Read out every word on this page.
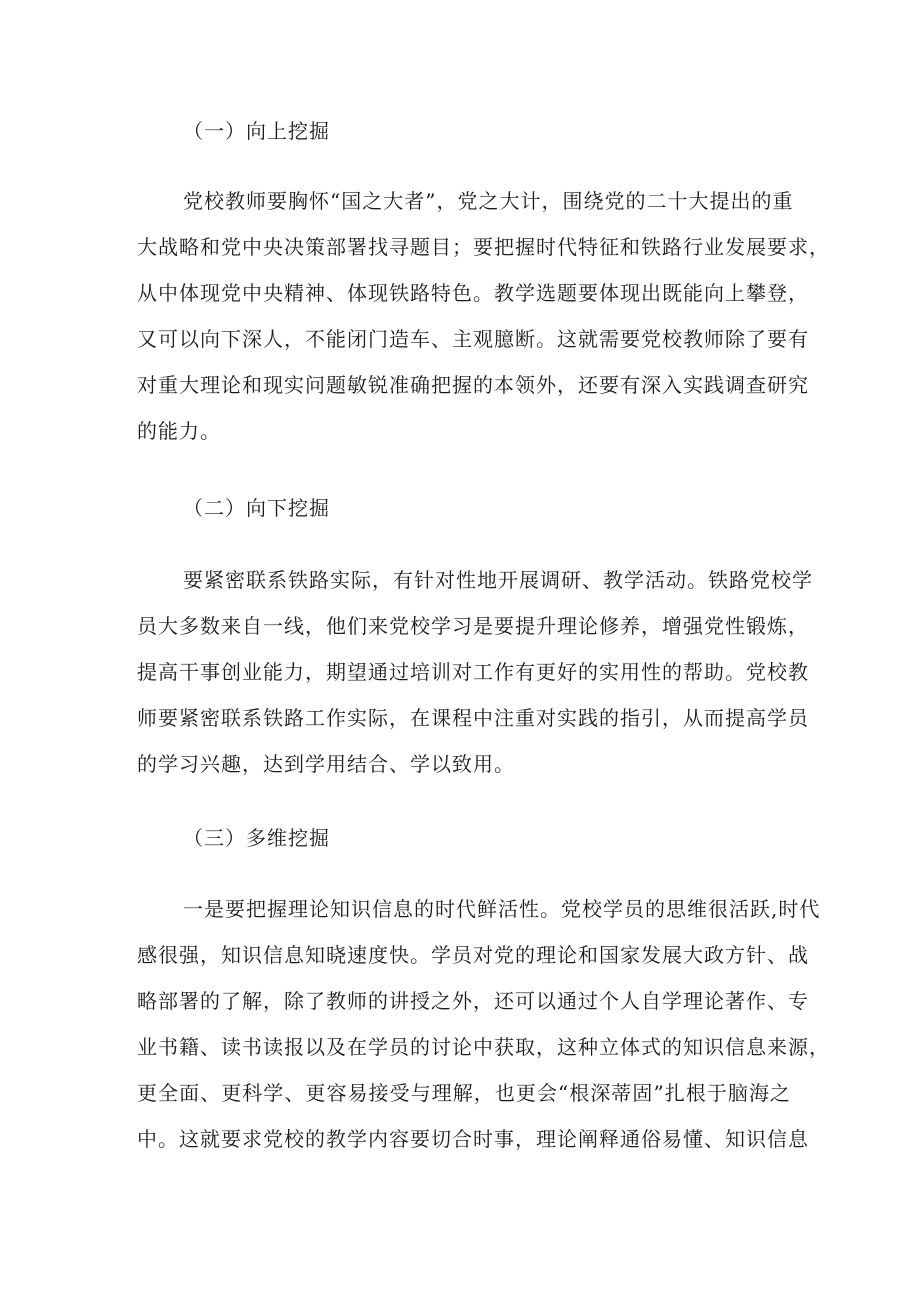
（一）向上挖掘
党校教师要胸怀“国之大者”，党之大计，围绕党的二十大提出的重
大战略和党中央决策部署找寻题目；要把握时代特征和铁路行业发展要求，
从中体现党中央精神、体现铁路特色。教学选题要体现出既能向上攀登，
又可以向下深人，不能闭门造车、主观臆断。这就需要党校教师除了要有
对重大理论和现实问题敏锐准确把握的本领外，还要有深入实践调查研究
的能力。
（二）向下挖掘
要紧密联系铁路实际，有针对性地开展调研、教学活动。铁路党校学
员大多数来自一线，他们来党校学习是要提升理论修养，增强党性锻炼，
提高干事创业能力，期望通过培训对工作有更好的实用性的帮助。党校教
师要紧密联系铁路工作实际，在课程中注重对实践的指引，从而提高学员
的学习兴趣，达到学用结合、学以致用。
（三）多维挖掘
一是要把握理论知识信息的时代鲜活性。党校学员的思维很活跃,时代
感很强，知识信息知晓速度快。学员对党的理论和国家发展大政方针、战
略部署的了解，除了教师的讲授之外，还可以通过个人自学理论著作、专
业书籍、读书读报以及在学员的讨论中获取，这种立体式的知识信息来源，
更全面、更科学、更容易接受与理解，也更会“根深蒂固”扎根于脑海之
中。这就要求党校的教学内容要切合时事，理论阐释通俗易懂、知识信息
